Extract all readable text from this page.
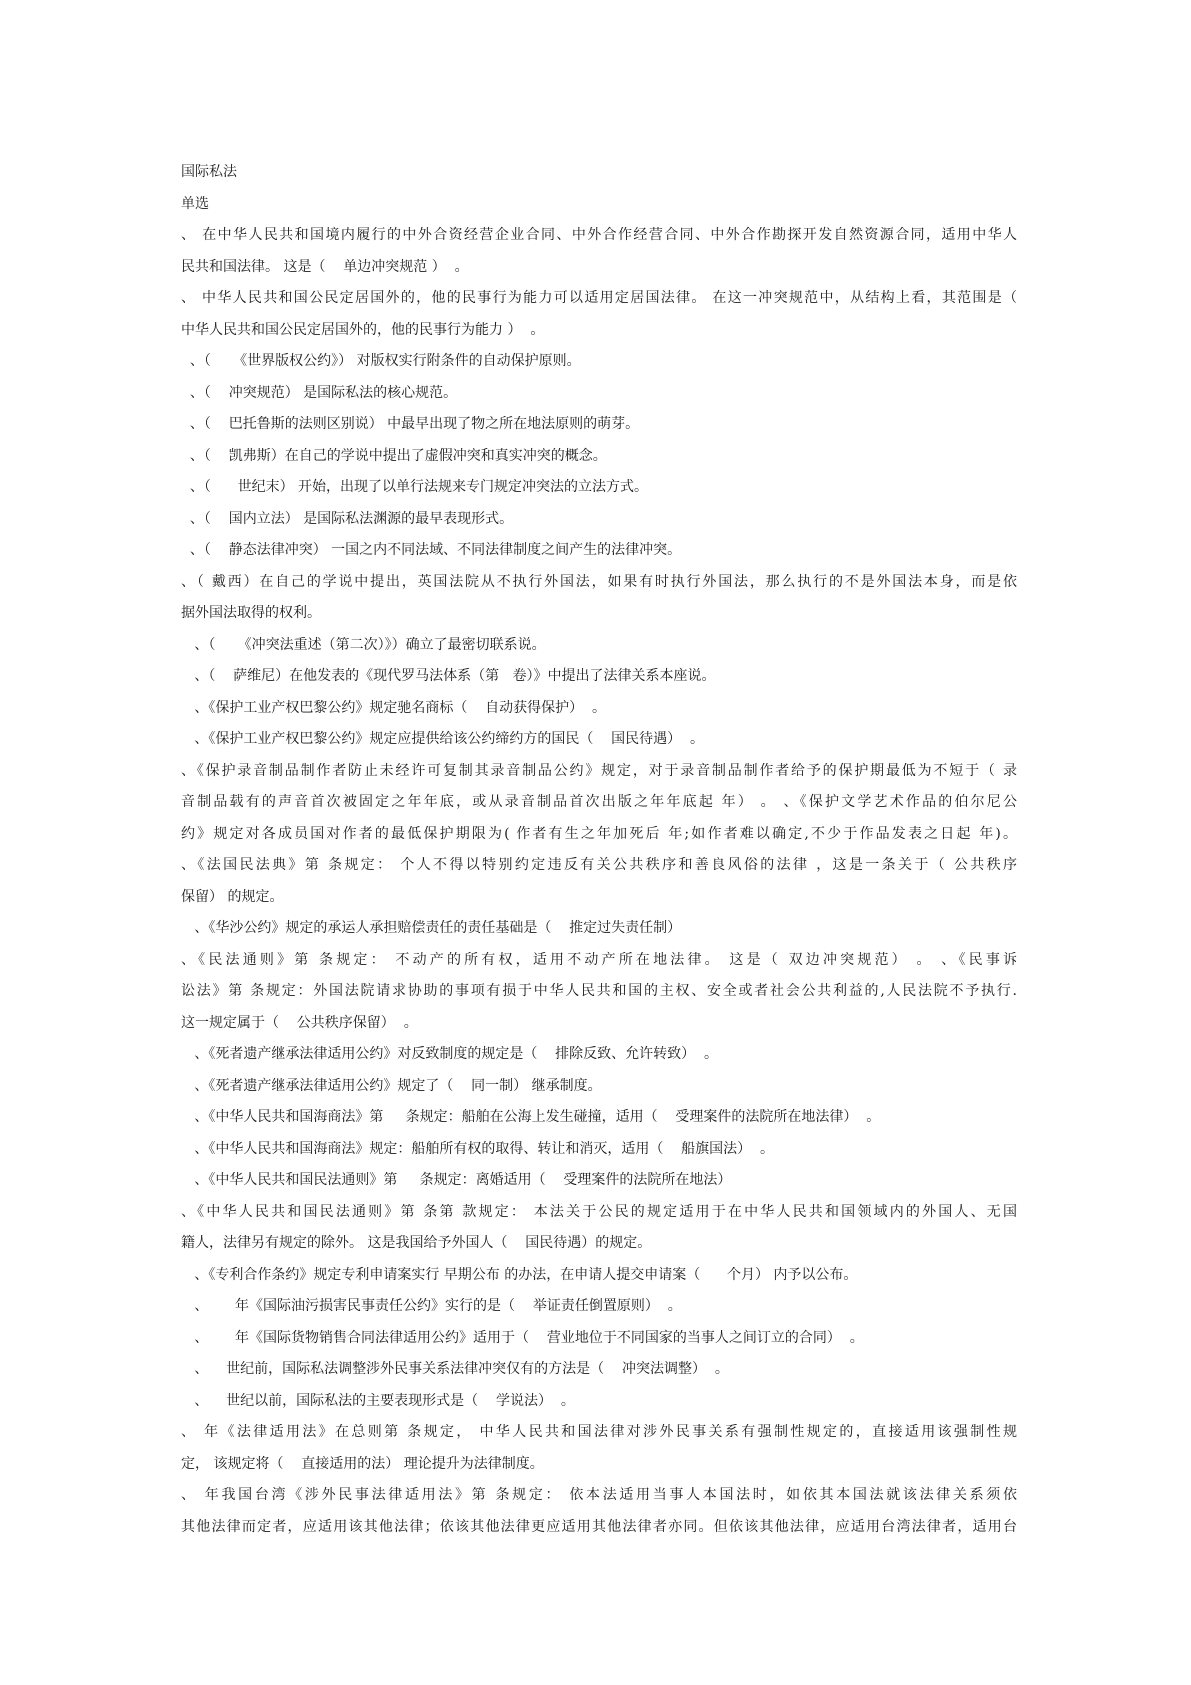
国际私法
单选
、 在中华人民共和国境内履行的中外合资经营企业合同、中外合作经营合同、中外合作勘探开发自然资源合同，适用中华人
民共和国法律。 这是（    单边冲突规范 ）  。
、 中华人民共和国公民定居国外的，他的民事行为能力可以适用定居国法律。 在这一冲突规范中，从结构上看，其范围是（
中华人民共和国公民定居国外的，他的民事行为能力 ）  。
、（     《世界版权公约》） 对版权实行附条件的自动保护原则。
、（    冲突规范） 是国际私法的核心规范。
、（    巴托鲁斯的法则区别说） 中最早出现了物之所在地法原则的萌芽。
、（    凯弗斯）在自己的学说中提出了虚假冲突和真实冲突的概念。
、（      世纪末） 开始，出现了以单行法规来专门规定冲突法的立法方式。
、（    国内立法） 是国际私法渊源的最早表现形式。
、（    静态法律冲突） 一国之内不同法域、不同法律制度之间产生的法律冲突。
、（ 戴西）在自己的学说中提出，英国法院从不执行外国法，如果有时执行外国法，那么执行的不是外国法本身，而是依
据外国法取得的权利。
、（     《冲突法重述（第二次）》）确立了最密切联系说。
、（    萨维尼）在他发表的《现代罗马法体系（第   卷）》中提出了法律关系本座说。
、《保护工业产权巴黎公约》规定驰名商标（    自动获得保护）  。
、《保护工业产权巴黎公约》规定应提供给该公约缔约方的国民（    国民待遇）  。
、《保护录音制品制作者防止未经许可复制其录音制品公约》规定，对于录音制品制作者给予的保护期最低为不短于（ 录
音制品载有的声音首次被固定之年年底，或从录音制品首次出版之年年底起 年） 。 、《保护文学艺术作品的伯尔尼公
约》规定对各成员国对作者的最低保护期限为( 作者有生之年加死后 年;如作者难以确定,不少于作品发表之日起 年)。
、《法国民法典》第 条规定： 个人不得以特别约定违反有关公共秩序和善良风俗的法律 ，这是一条关于（ 公共秩序
保留） 的规定。
、《华沙公约》规定的承运人承担赔偿责任的责任基础是（    推定过失责任制）
、《民法通则》第 条规定： 不动产的所有权，适用不动产所在地法律。 这是（ 双边冲突规范） 。 、《民事诉
讼法》第 条规定：外国法院请求协助的事项有损于中华人民共和国的主权、安全或者社会公共利益的,人民法院不予执行.
这一规定属于（    公共秩序保留）  。
、《死者遗产继承法律适用公约》对反致制度的规定是（    排除反致、允许转致）  。
、《死者遗产继承法律适用公约》规定了（    同一制） 继承制度。
、《中华人民共和国海商法》第     条规定：船舶在公海上发生碰撞，适用（    受理案件的法院所在地法律）  。
、《中华人民共和国海商法》规定：船舶所有权的取得、转让和消灭，适用（    船旗国法）  。
、《中华人民共和国民法通则》第     条规定：离婚适用（    受理案件的法院所在地法）
、《中华人民共和国民法通则》第 条第 款规定： 本法关于公民的规定适用于在中华人民共和国领域内的外国人、无国
籍人，法律另有规定的除外。 这是我国给予外国人（    国民待遇）的规定。
、《专利合作条约》规定专利申请案实行 早期公布 的办法，在申请人提交申请案（      个月） 内予以公布。
、      年《国际油污损害民事责任公约》实行的是（    举证责任倒置原则）  。
、      年《国际货物销售合同法律适用公约》适用于（    营业地位于不同国家的当事人之间订立的合同）  。
、    世纪前，国际私法调整涉外民事关系法律冲突仅有的方法是（    冲突法调整）  。
、    世纪以前，国际私法的主要表现形式是（    学说法）  。
、 年《法律适用法》在总则第 条规定， 中华人民共和国法律对涉外民事关系有强制性规定的，直接适用该强制性规
定， 该规定将（    直接适用的法） 理论提升为法律制度。
、 年我国台湾《涉外民事法律适用法》第 条规定： 依本法适用当事人本国法时，如依其本国法就该法律关系须依
其他法律而定者，应适用该其他法律；依该其他法律更应适用其他法律者亦同。但依该其他法律，应适用台湾法律者，适用台
